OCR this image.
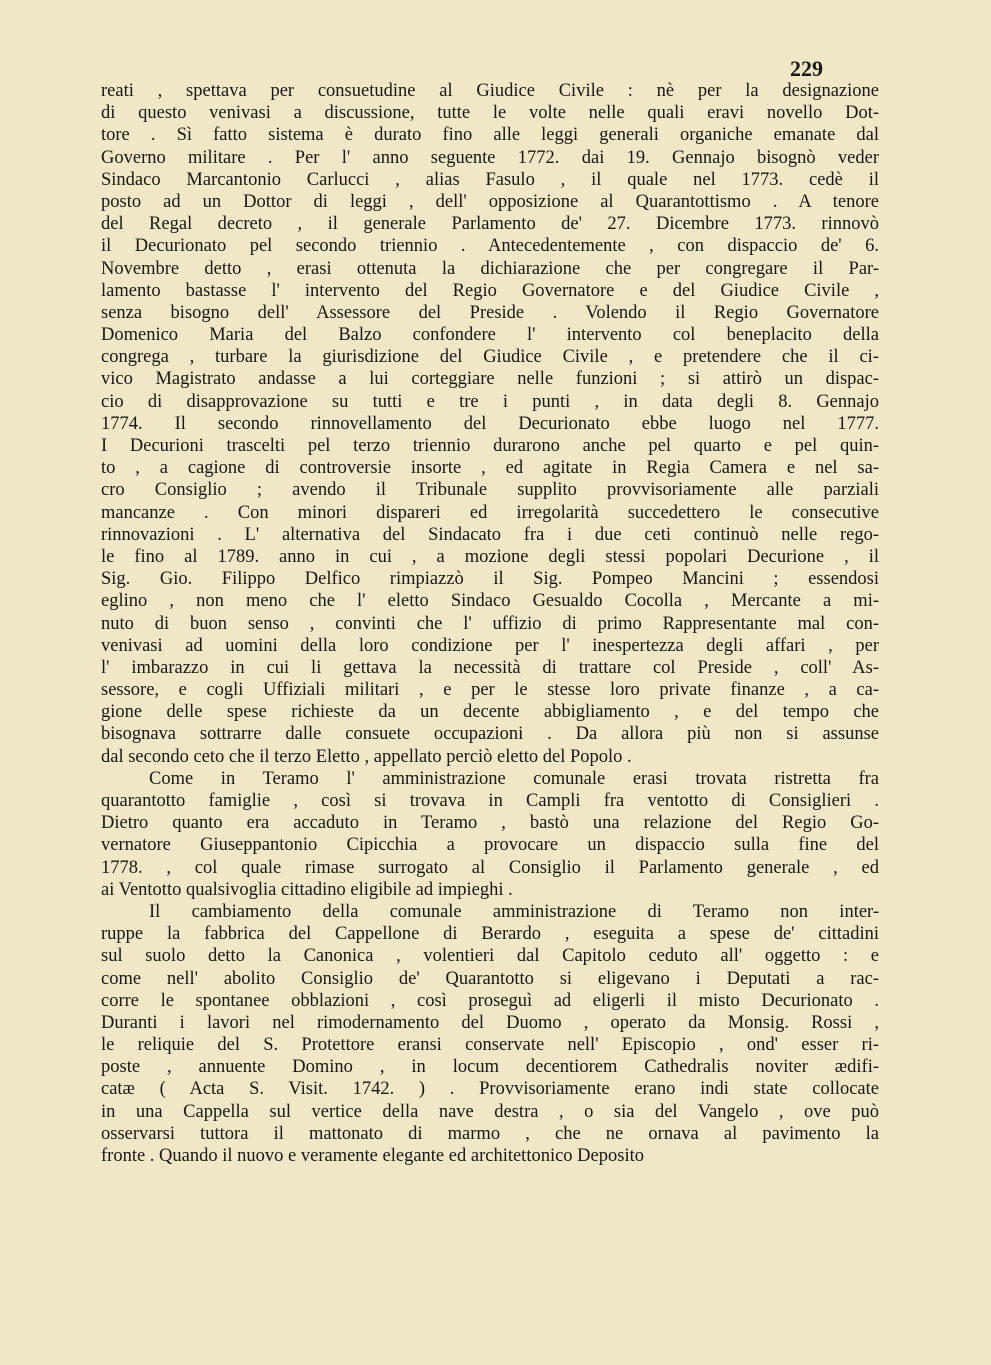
229
reati , spettava per consuetudine al Giudice Civile : nè per la designazione
di questo venivasi a discussione, tutte le volte nelle quali eravi novello Dot-
tore . Sì fatto sistema è durato fino alle leggi generali organiche emanate dal
Governo militare . Per l' anno seguente 1772. dai 19. Gennajo bisognò veder
Sindaco Marcantonio Carlucci , alias Fasulo , il quale nel 1773. cedè il
posto ad un Dottor di leggi , dell' opposizione al Quarantottismo . A tenore
del Regal decreto , il generale Parlamento de' 27. Dicembre 1773. rinnovò
il Decurionato pel secondo triennio . Antecedentemente , con dispaccio de' 6.
Novembre detto , erasi ottenuta la dichiarazione che per congregare il Par-
lamento bastasse l' intervento del Regio Governatore e del Giudice Civile ,
senza bisogno dell' Assessore del Preside . Volendo il Regio Governatore
Domenico Maria del Balzo confondere l' intervento col beneplacito della
congrega , turbare la giurisdizione del Giudice Civile , e pretendere che il ci-
vico Magistrato andasse a lui corteggiare nelle funzioni ; si attirò un dispac-
cio di disapprovazione su tutti e tre i punti , in data degli 8. Gennajo
1774. Il secondo rinnovellamento del Decurionato ebbe luogo nel 1777.
I Decurioni trascelti pel terzo triennio durarono anche pel quarto e pel quin-
to , a cagione di controversie insorte , ed agitate in Regia Camera e nel sa-
cro Consiglio ; avendo il Tribunale supplito provvisoriamente alle parziali
mancanze . Con minori dispareri ed irregolarità succedettero le consecutive
rinnovazioni . L' alternativa del Sindacato fra i due ceti continuò nelle rego-
le fino al 1789. anno in cui , a mozione degli stessi popolari Decurione , il
Sig. Gio. Filippo Delfico rimpiazzò il Sig. Pompeo Mancini ; essendosi
eglino , non meno che l' eletto Sindaco Gesualdo Cocolla , Mercante a mi-
nuto di buon senso , convinti che l' uffizio di primo Rappresentante mal con-
venivasi ad uomini della loro condizione per l' inespertezza degli affari , per
l' imbarazzo in cui li gettava la necessità di trattare col Preside , coll' As-
sessore, e cogli Uffiziali militari , e per le stesse loro private finanze , a ca-
gione delle spese richieste da un decente abbigliamento , e del tempo che
bisognava sottrarre dalle consuete occupazioni . Da allora più non si assunse
dal secondo ceto che il terzo Eletto , appellato perciò eletto del Popolo .
Come in Teramo l' amministrazione comunale erasi trovata ristretta fra
quarantotto famiglie , così si trovava in Campli fra ventotto di Consiglieri .
Dietro quanto era accaduto in Teramo , bastò una relazione del Regio Go-
vernatore Giuseppantonio Cipicchia a provocare un dispaccio sulla fine del
1778. , col quale rimase surrogato al Consiglio il Parlamento generale , ed
ai Ventotto qualsivoglia cittadino eligibile ad impieghi .
Il cambiamento della comunale amministrazione di Teramo non inter-
ruppe la fabbrica del Cappellone di Berardo , eseguita a spese de' cittadini
sul suolo detto la Canonica , volentieri dal Capitolo ceduto all' oggetto : e
come nell' abolito Consiglio de' Quarantotto si eligevano i Deputati a rac-
corre le spontanee obblazioni , così proseguì ad eligerli il misto Decurionato .
Duranti i lavori nel rimodernamento del Duomo , operato da Monsig. Rossi ,
le reliquie del S. Protettore eransi conservate nell' Episcopio , ond' esser ri-
poste , annuente Domino , in locum decentiorem Cathedralis noviter ædifi-
catæ ( Acta S. Visit. 1742. ) . Provvisoriamente erano indi state collocate
in una Cappella sul vertice della nave destra , o sia del Vangelo , ove può
osservarsi tuttora il mattonato di marmo , che ne ornava al pavimento la
fronte . Quando il nuovo e veramente elegante ed architettonico Deposito
